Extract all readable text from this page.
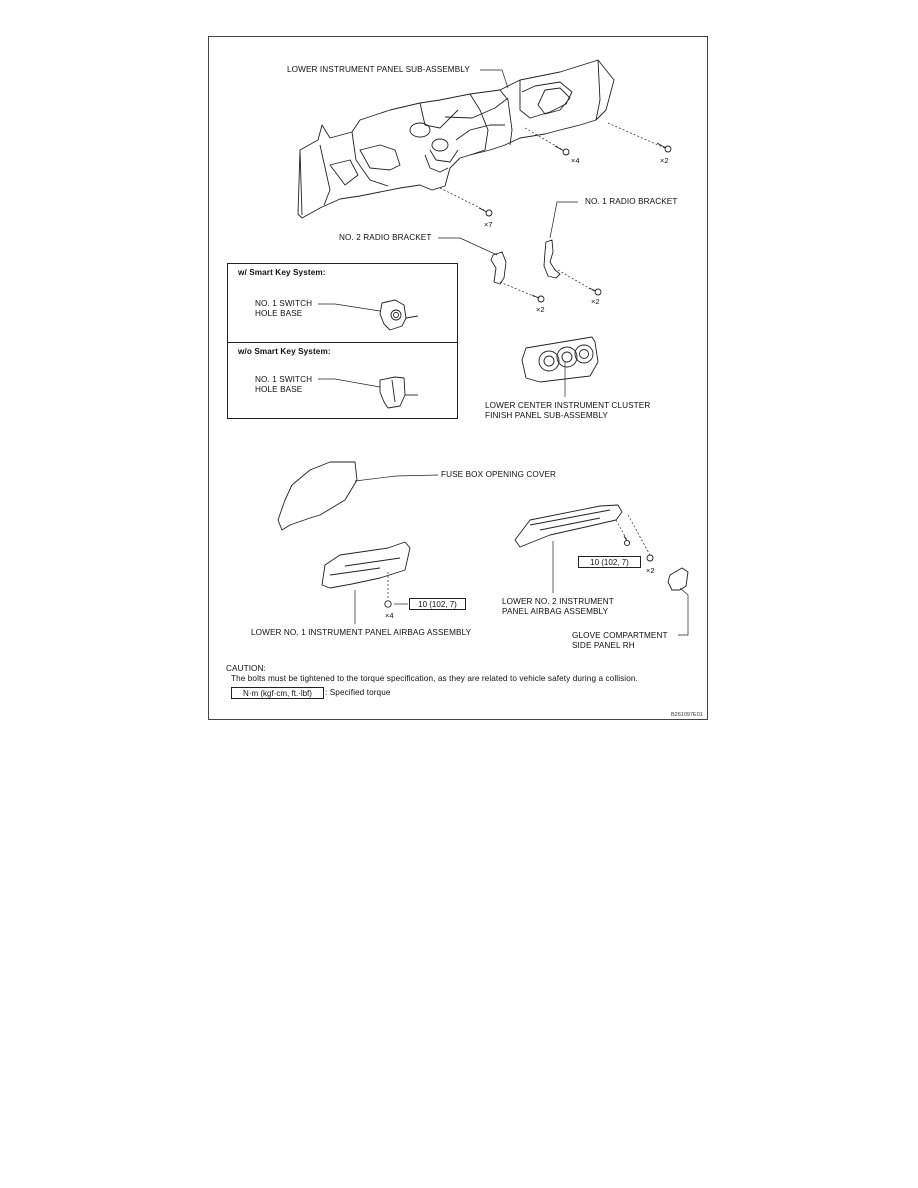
LOWER INSTRUMENT PANEL SUB-ASSEMBLY
×4	×2
×7
NO. 1 RADIO BRACKET
NO. 2 RADIO BRACKET
×2
×2
w/ Smart Key System:
NO. 1 SWITCH
HOLE BASE
w/o Smart Key System:
NO. 1 SWITCH
HOLE BASE
LOWER CENTER INSTRUMENT CLUSTER
FINISH PANEL SUB-ASSEMBLY
FUSE BOX OPENING COVER
×4
10 (102, 7)
LOWER NO. 1 INSTRUMENT PANEL AIRBAG ASSEMBLY
10 (102, 7)
×2
LOWER NO. 2 INSTRUMENT
PANEL AIRBAG ASSEMBLY
GLOVE COMPARTMENT
SIDE PANEL RH
CAUTION:
The bolts must be tightened to the torque specification, as they are related to vehicle safety during a collision.
N·m (kgf·cm, ft.·lbf)	: Specified torque
B261097E01
